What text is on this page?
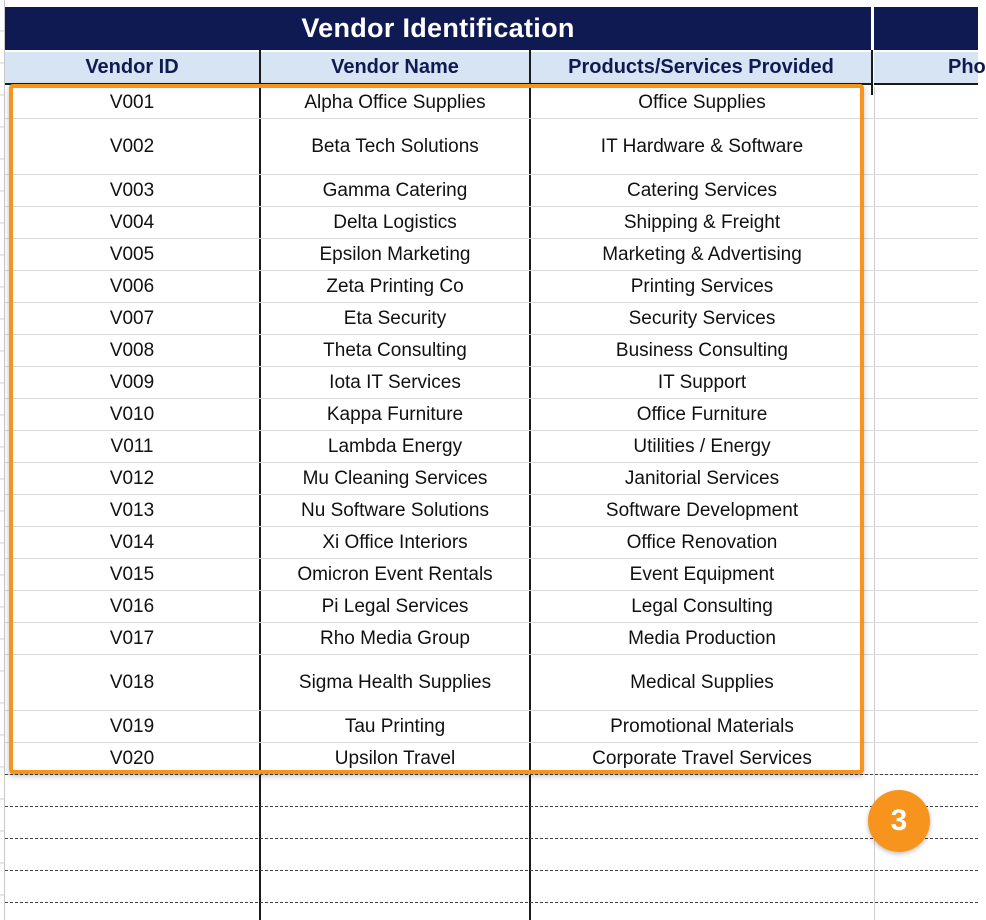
Vendor Identification
Vendor ID	Vendor Name	Products/Services Provided	Pho
V001	Alpha Office Supplies	Office Supplies
V002	Beta Tech Solutions	IT Hardware & Software
V003	Gamma Catering	Catering Services
V004	Delta Logistics	Shipping & Freight
V005	Epsilon Marketing	Marketing & Advertising
V006	Zeta Printing Co	Printing Services
V007	Eta Security	Security Services
V008	Theta Consulting	Business Consulting
V009	Iota IT Services	IT Support
V010	Kappa Furniture	Office Furniture
V011	Lambda Energy	Utilities / Energy
V012	Mu Cleaning Services	Janitorial Services
V013	Nu Software Solutions	Software Development
V014	Xi Office Interiors	Office Renovation
V015	Omicron Event Rentals	Event Equipment
V016	Pi Legal Services	Legal Consulting
V017	Rho Media Group	Media Production
V018	Sigma Health Supplies	Medical Supplies
V019	Tau Printing	Promotional Materials
V020	Upsilon Travel	Corporate Travel Services
3
